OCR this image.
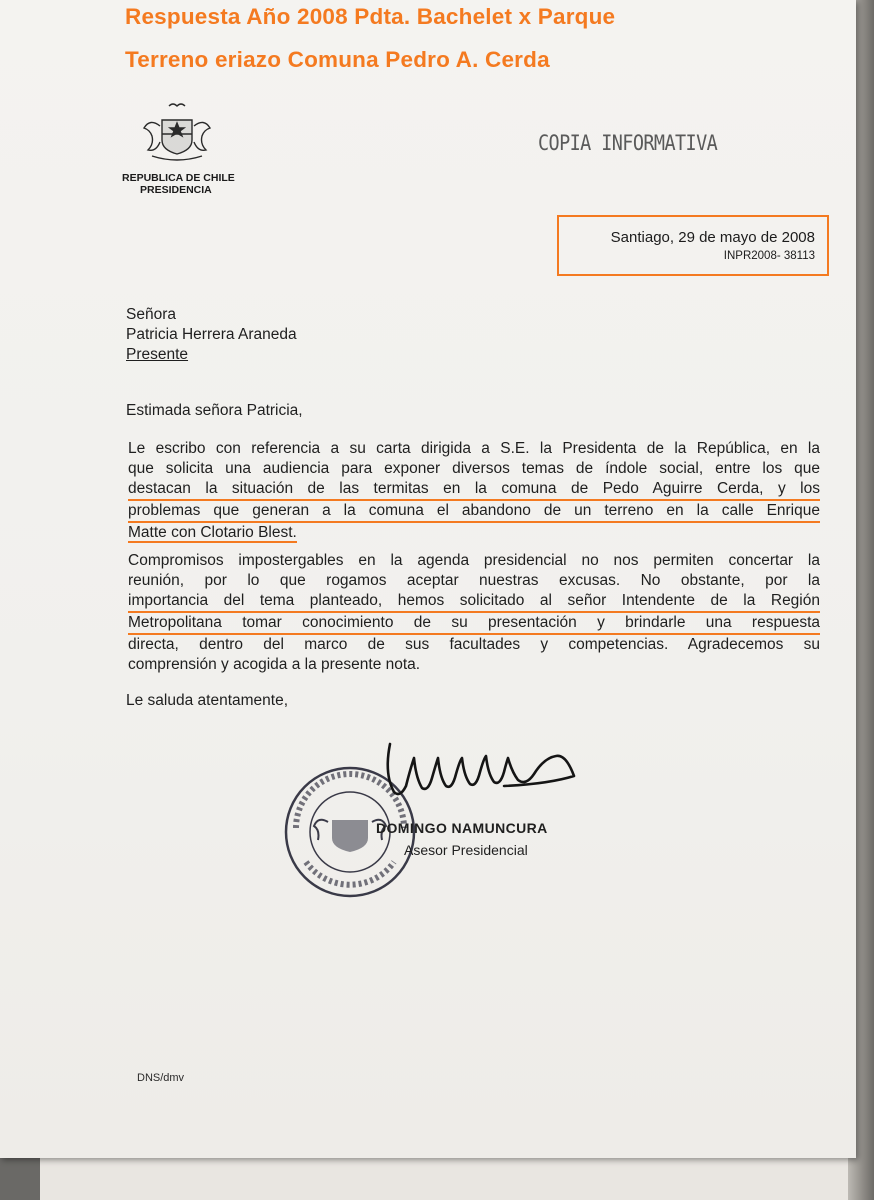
Respuesta Año 2008 Pdta. Bachelet x Parque
Terreno eriazo Comuna Pedro A. Cerda
REPUBLICA DE CHILE
PRESIDENCIA
COPIA INFORMATIVA
Santiago, 29 de mayo de 2008
INPR2008- 38113

Señora

Patricia Herrera Araneda

Presente

Estimada señora Patricia,

Le escribo con referencia a su carta dirigida a S.E. la Presidenta de la República, en la
que solicita una audiencia para exponer diversos temas de índole social, entre los que
destacan la situación de las termitas en la comuna de Pedo Aguirre Cerda, y los
problemas que generan a la comuna el abandono de un terreno en la calle Enrique
Matte con Clotario Blest.
Compromisos impostergables en la agenda presidencial no nos permiten concertar la
reunión, por lo que rogamos aceptar nuestras excusas. No obstante, por la
importancia del tema planteado, hemos solicitado al señor Intendente de la Región
Metropolitana tomar conocimiento de su presentación y brindarle una respuesta
directa, dentro del marco de sus facultades y competencias. Agradecemos su
comprensión y acogida a la presente nota.

Le saluda atentamente,

DOMINGO NAMUNCURA
Asesor Presidencial
DNS/dmv
